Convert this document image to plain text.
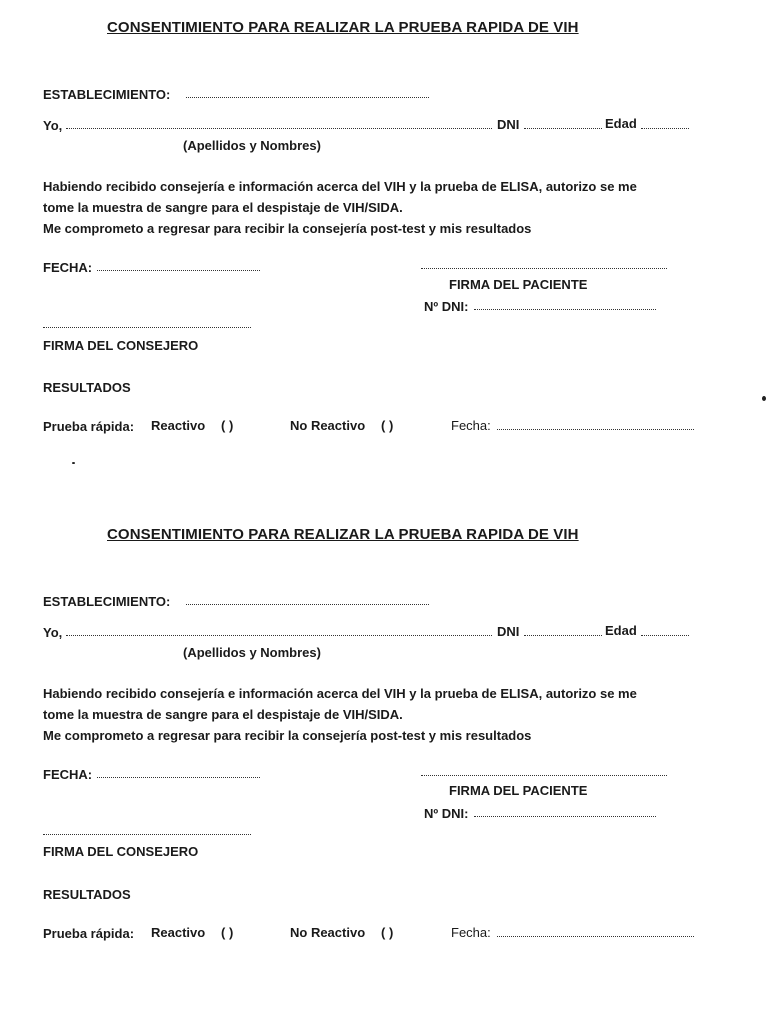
CONSENTIMIENTO PARA REALIZAR LA PRUEBA RAPIDA DE VIH
ESTABLECIMIENTO:
Yo,	DNI	Edad
(Apellidos y Nombres)
Habiendo recibido consejería e información acerca del VIH y la prueba de ELISA, autorizo se me
tome la muestra de sangre para el despistaje de VIH/SIDA.
Me comprometo a regresar para recibir la consejería post-test y mis resultados
FECHA:
FIRMA DEL PACIENTE
Nº DNI:
FIRMA DEL CONSEJERO
RESULTADOS
Prueba rápida: Reactivo ( )	No Reactivo ( )	Fecha:
CONSENTIMIENTO PARA REALIZAR LA PRUEBA RAPIDA DE VIH
ESTABLECIMIENTO:
Yo,	DNI	Edad
(Apellidos y Nombres)
Habiendo recibido consejería e información acerca del VIH y la prueba de ELISA, autorizo se me
tome la muestra de sangre para el despistaje de VIH/SIDA.
Me comprometo a regresar para recibir la consejería post-test y mis resultados
FECHA:
FIRMA DEL PACIENTE
Nº DNI:
FIRMA DEL CONSEJERO
RESULTADOS
Prueba rápida: Reactivo ( )	No Reactivo ( )	Fecha:
